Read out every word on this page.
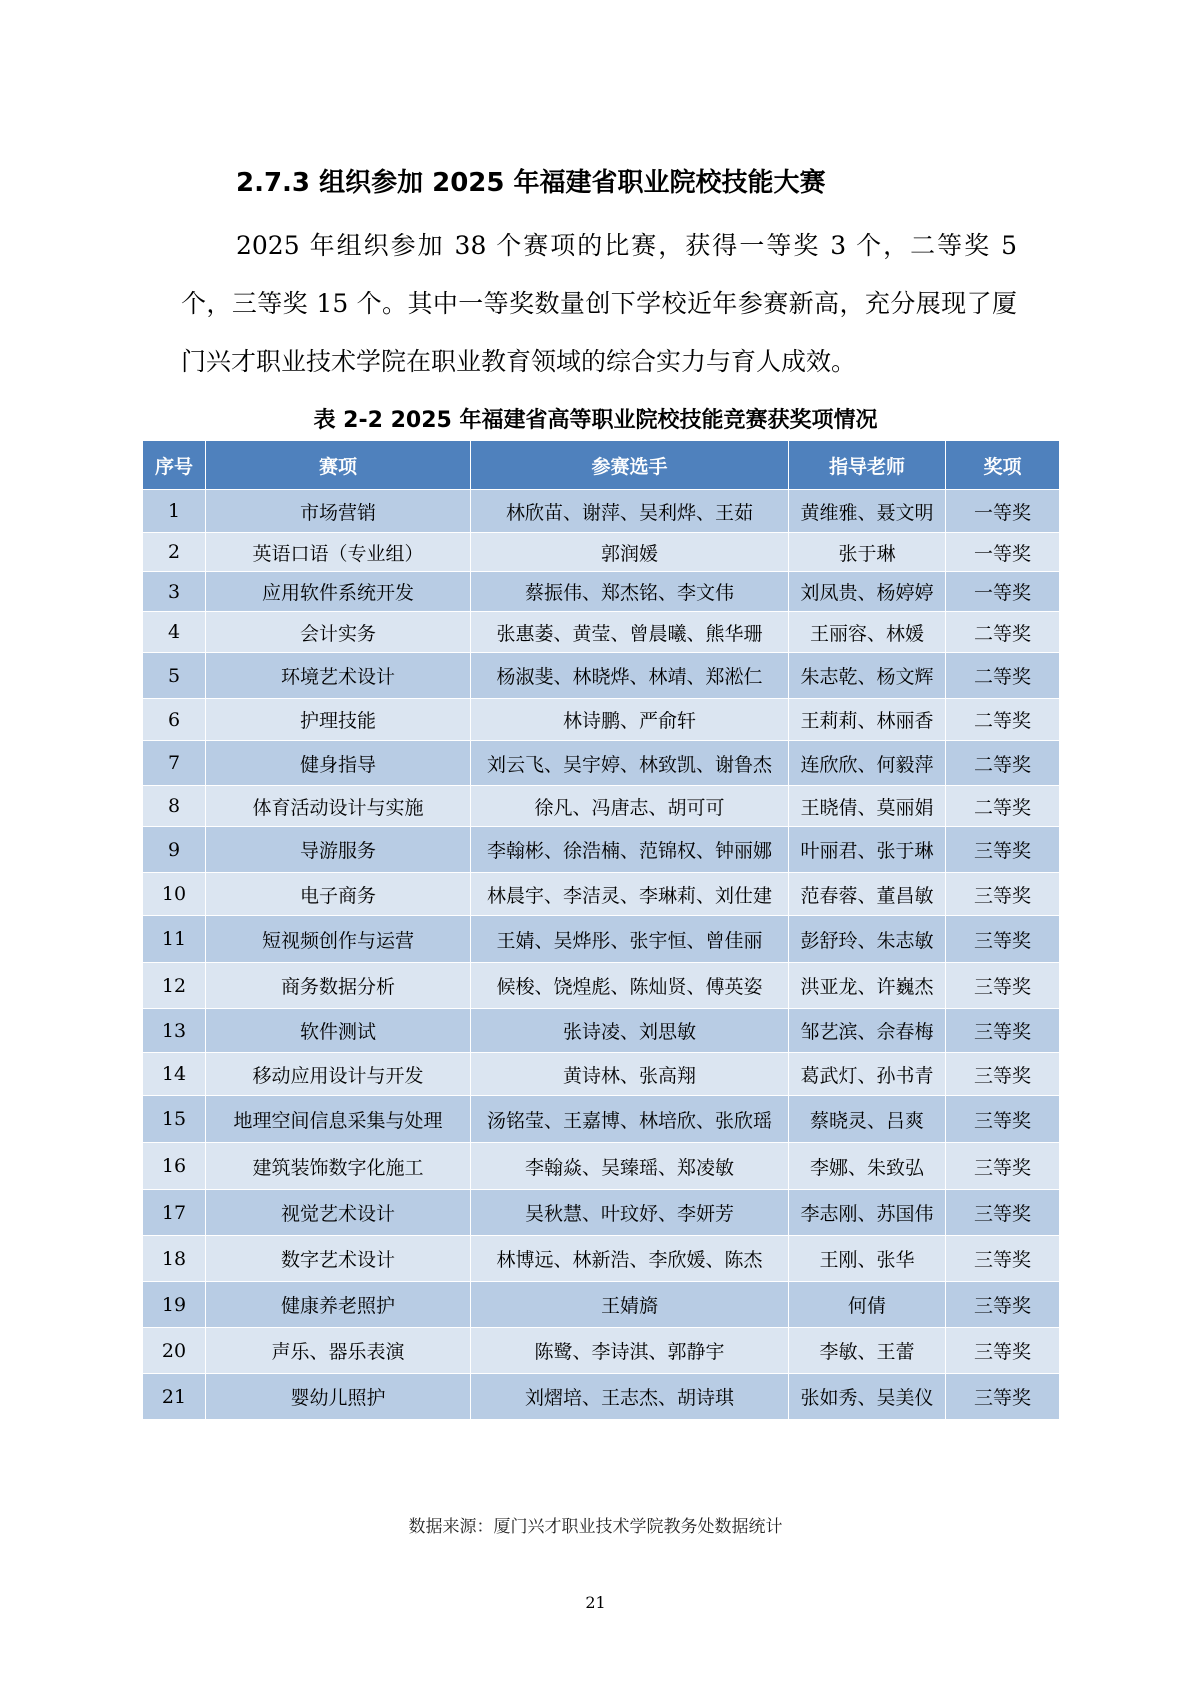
2.7.3 组织参加 2025 年福建省职业院校技能大赛

2025 年组织参加 38 个赛项的比赛，获得一等奖 3 个，二等奖 5 个，三等奖 15 个。其中一等奖数量创下学校近年参赛新高，充分展现了厦门兴才职业技术学院在职业教育领域的综合实力与育人成效。

表 2-2 2025 年福建省高等职业院校技能竞赛获奖项情况
序号	赛项	参赛选手	指导老师	奖项
1	市场营销	林欣苗、谢萍、吴利烨、王茹	黄维雅、聂文明	一等奖
2	英语口语（专业组）	郭润媛	张于琳	一等奖
3	应用软件系统开发	蔡振伟、郑杰铭、李文伟	刘凤贵、杨婷婷	一等奖
4	会计实务	张惠萎、黄莹、曾晨曦、熊华珊	王丽容、林媛	二等奖
5	环境艺术设计	杨淑斐、林晓烨、林靖、郑淞仁	朱志乾、杨文辉	二等奖
6	护理技能	林诗鹏、严俞轩	王莉莉、林丽香	二等奖
7	健身指导	刘云飞、吴宇婷、林致凯、谢鲁杰	连欣欣、何毅萍	二等奖
8	体育活动设计与实施	徐凡、冯唐志、胡可可	王晓倩、莫丽娟	二等奖
9	导游服务	李翰彬、徐浩楠、范锦权、钟丽娜	叶丽君、张于琳	三等奖
10	电子商务	林晨宇、李洁灵、李琳莉、刘仕建	范春蓉、董昌敏	三等奖
11	短视频创作与运营	王婧、吴烨彤、张宇恒、曾佳丽	彭舒玲、朱志敏	三等奖
12	商务数据分析	候梭、饶煌彪、陈灿贤、傅英姿	洪亚龙、许巍杰	三等奖
13	软件测试	张诗凌、刘思敏	邹艺滨、佘春梅	三等奖
14	移动应用设计与开发	黄诗林、张高翔	葛武灯、孙书青	三等奖
15	地理空间信息采集与处理	汤铭莹、王嘉博、林培欣、张欣瑶	蔡晓灵、吕爽	三等奖
16	建筑装饰数字化施工	李翰焱、吴臻瑶、郑凌敏	李娜、朱致弘	三等奖
17	视觉艺术设计	吴秋慧、叶玟妤、李妍芳	李志刚、苏国伟	三等奖
18	数字艺术设计	林博远、林新浩、李欣媛、陈杰	王刚、张华	三等奖
19	健康养老照护	王婧旖	何倩	三等奖
20	声乐、器乐表演	陈鹭、李诗淇、郭静宇	李敏、王蕾	三等奖
21	婴幼儿照护	刘熠培、王志杰、胡诗琪	张如秀、吴美仪	三等奖
数据来源：厦门兴才职业技术学院教务处数据统计
21
